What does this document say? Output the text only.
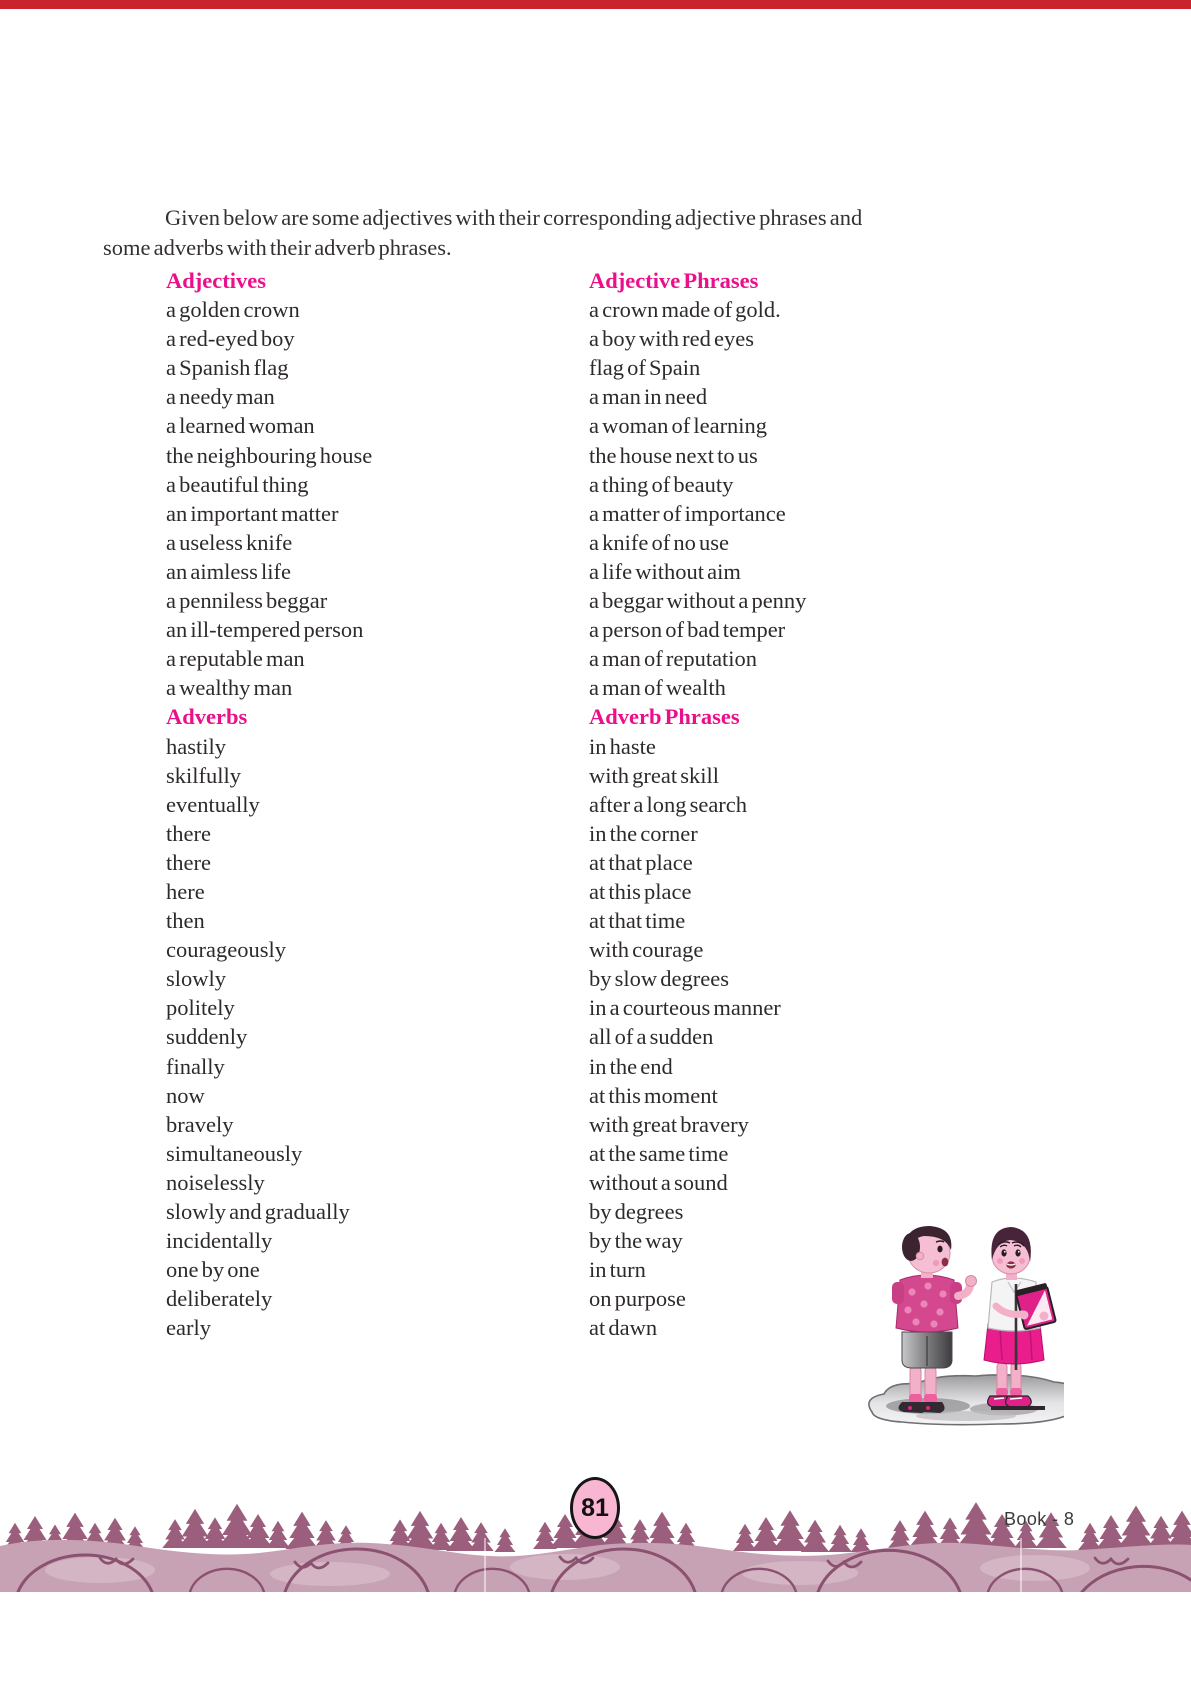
Given below are some adjectives with their corresponding adjective phrases and
some adverbs with their adverb phrases.
Adjectives	Adjective Phrases
a golden crown	a crown made of gold.
a red-eyed boy	a boy with red eyes
a Spanish flag	flag of Spain
a needy man	a man in need
a learned woman	a woman of learning
the neighbouring house	the house next to us
a beautiful thing	a thing of beauty
an important matter	a matter of importance
a useless knife	a knife of no use
an aimless life	a life without aim
a penniless beggar	a beggar without a penny
an ill-tempered person	a person of bad temper
a reputable man	a man of reputation
a wealthy man	a man of wealth
Adverbs	Adverb Phrases
hastily	in haste
skilfully	with great skill
eventually	after a long search
there	in the corner
there	at that place
here	at this place
then	at that time
courageously	with courage
slowly	by slow degrees
politely	in a courteous manner
suddenly	all of a sudden
finally	in the end
now	at this moment
bravely	with great bravery
simultaneously	at the same time
noiselessly	without a sound
slowly and gradually	by degrees
incidentally	by the way
one by one	in turn
deliberately	on purpose
early	at dawn
81	Book - 8
